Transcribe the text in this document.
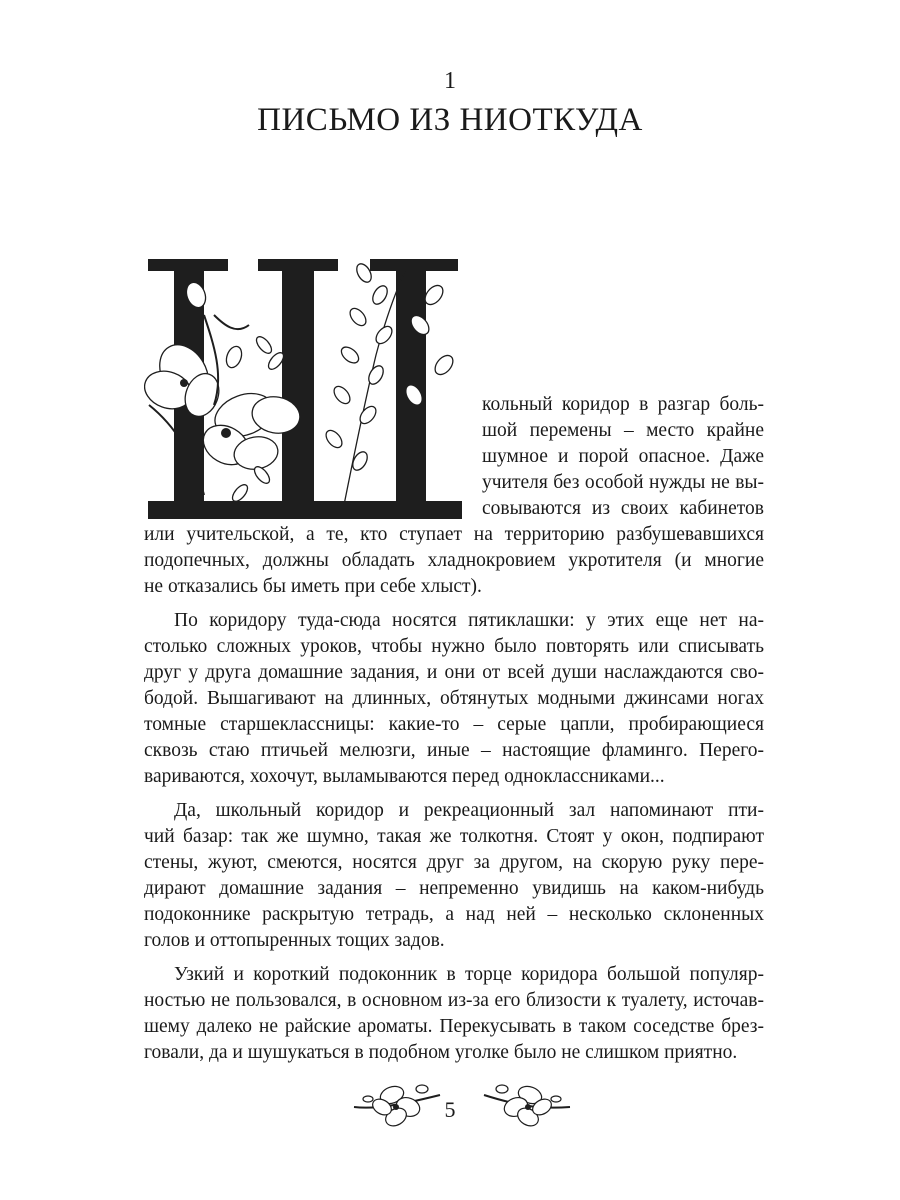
1
ПИСЬМО ИЗ НИОТКУДА
кольный коридор в разгар боль-
шой перемены – место крайне
шумное и порой опасное. Даже
учителя без особой нужды не вы-
совываются из своих кабинетов
или учительской, а те, кто ступает на территорию разбушевавшихся
подопечных, должны обладать хладнокровием укротителя (и многие
не отказались бы иметь при себе хлыст).
По коридору туда-сюда носятся пятиклашки: у этих еще нет на-
столько сложных уроков, чтобы нужно было повторять или списывать
друг у друга домашние задания, и они от всей души наслаждаются сво-
бодой. Вышагивают на длинных, обтянутых модными джинсами ногах
томные старшеклассницы: какие-то – серые цапли, пробирающиеся
сквозь стаю птичьей мелюзги, иные – настоящие фламинго. Перего-
вариваются, хохочут, выламываются перед одноклассниками...
Да, школьный коридор и рекреационный зал напоминают пти-
чий базар: так же шумно, такая же толкотня. Стоят у окон, подпирают
стены, жуют, смеются, носятся друг за другом, на скорую руку пере-
дирают домашние задания – непременно увидишь на каком-нибудь
подоконнике раскрытую тетрадь, а над ней – несколько склоненных
голов и оттопыренных тощих задов.
Узкий и короткий подоконник в торце коридора большой популяр-
ностью не пользовался, в основном из-за его близости к туалету, источав-
шему далеко не райские ароматы. Перекусывать в таком соседстве брез-
говали, да и шушукаться в подобном уголке было не слишком приятно.
5
